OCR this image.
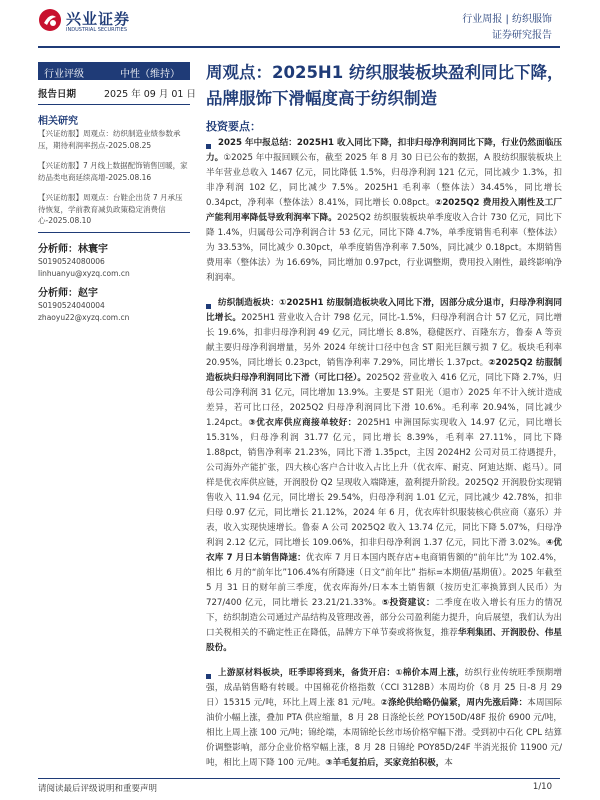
兴业证券
INDUSTRIAL SECURITIES
行业周报 | 纺织服饰
证券研究报告
行业评级	中性（维持）
报告日期	2025 年 09 月 01 日
相关研究
【兴证纺服】周观点：纺织制造业绩参数承压，期待利润率拐点-2025.08.25
【兴证纺服】7 月线上数据配饰销售回暖，家纺品类电商延续高增-2025.08.16
【兴证纺服】周观点：台鞋企出货 7 月承压待恢复，学前教育减负政策稳定消费信心-2025.08.10
分析师：林寰宇
S0190524080006
linhuanyu@xyzq.com.cn
分析师：赵宇
S0190524040004
zhaoyu22@xyzq.com.cn
周观点：2025H1 纺织服装板块盈利同比下降，品牌服饰下滑幅度高于纺织制造
投资要点：
2025 年中报总结：2025H1 收入同比下降，扣非归母净利润同比下降，行业仍然面临压力。①2025 年中报回顾公布，截至 2025 年 8 月 30 日已公布的数据，A 股纺织服装板块上半年营业总收入 1467 亿元，同比降低 1.5%，归母净利润 121 亿元，同比减少 1.3%，扣非净利润 102 亿，同比减少 7.5%。2025H1 毛利率（整体法）34.45%，同比增长 0.34pct，净利率（整体法）8.41%，同比增长 0.08pct。②2025Q2 费用投入刚性及工厂产能利用率降低导致利润率下降。2025Q2 纺织服装板块单季度收入合计 730 亿元，同比下降 1.4%，归属母公司净利润合计 53 亿元，同比下降 4.7%，单季度销售毛利率（整体法）为 33.53%，同比减少 0.30pct，单季度销售净利率 7.50%，同比减少 0.18pct。本期销售费用率（整体法）为 16.69%，同比增加 0.97pct，行业调整期，费用投入刚性，最终影响净利润率。
纺织制造板块：①2025H1 纺服制造板块收入同比下滑，因部分成分退市，归母净利润同比增长。2025H1 营业收入合计 798 亿元，同比-1.5%，归母净利润合计 57 亿元，同比增长 19.6%，扣非归母净利润 49 亿元，同比增长 8.8%，稳健医疗、百隆东方，鲁泰 A 等贡献主要归母净利润增量，另外 2024 年统计口径中包含 ST 阳光巨额亏损 7 亿。板块毛利率 20.95%，同比增长 0.23pct，销售净利率 7.29%，同比增长 1.37pct。②2025Q2 纺服制造板块归母净利润同比下滑（可比口径）。2025Q2 营业收入 416 亿元，同比下降 2.7%，归母公司净利润 31 亿元，同比增加 13.9%。主要是 ST 阳光（退市）2025 年不计入统计造成差异，若可比口径，2025Q2 归母净利润同比下滑 10.6%。毛利率 20.94%，同比减少 1.24pct。③优衣库供应商接单较好：2025H1 申洲国际实现收入 14.97 亿元，同比增长 15.31%，归母净利润 31.77 亿元，同比增长 8.39%，毛利率 27.11%，同比下降 1.88pct，销售净利率 21.23%，同比下滑 1.35pct，主因 2024H2 公司对员工待遇提升，公司海外产能扩张，四大核心客户合计收入占比上升（优衣库、耐克、阿迪达斯、彪马）。同样是优衣库供应链，开润股份 Q2 呈现收入端降速，盈利提升阶段。2025Q2 开润股份实现销售收入 11.94 亿元，同比增长 29.54%，归母净利润 1.01 亿元，同比减少 42.78%，扣非归母 0.97 亿元，同比增长 21.12%，2024 年 6 月，优衣库针织服装核心供应商（嘉乐）并表，收入实现快速增长。鲁泰 A 公司 2025Q2 收入 13.74 亿元，同比下降 5.07%，归母净利润 2.12 亿元，同比增长 109.06%，扣非归母净利润 1.37 亿元，同比下滑 3.02%。④优衣库 7 月日本销售降速：优衣库 7 月日本国内既存店+电商销售额的“前年比”为 102.4%，相比 6 月的“前年比”106.4%有所降速（日文“前年比” 指标=本期值/基期值）。2025 年截至 5 月 31 日的财年前三季度，优衣库海外/日本本土销售额（按历史汇率换算到人民币）为 727/400 亿元，同比增长 23.21/21.33%。⑤投资建议：二季度在收入增长有压力的情况下，纺织制造公司通过产品结构及管理改善，部分公司盈利能力提升，向后展望，我们认为出口关税相关的不确定性正在降低，品牌方下单节奏或将恢复，推荐华利集团、开润股份、伟星股份。
上游原材料板块，旺季即将到来，备货开启：①棉价本周上涨，纺织行业传统旺季预期增强，成品销售略有转暖。中国棉花价格指数（CCI 3128B）本周均价（8 月 25 日-8 月 29 日）15315 元/吨，环比上周上涨 81 元/吨。②涤纶供给略仍偏紧，周内先涨后降：本周国际油价小幅上涨，叠加 PTA 供应缩量，8 月 28 日涤纶长丝 POY150D/48F 报价 6900 元/吨，相比上周上涨 100 元/吨；锦纶端，本周锦纶长丝市场价格窄幅下滑。受到初中石化 CPL 结算价调整影响，部分企业价格窄幅上涨，8 月 28 日锦纶 POY85D/24F 半消光报价 11900 元/吨，相比上周下降 100 元/吨。③羊毛复拍后，买家竞拍积极，本
请阅读最后评级说明和重要声明	1/10
